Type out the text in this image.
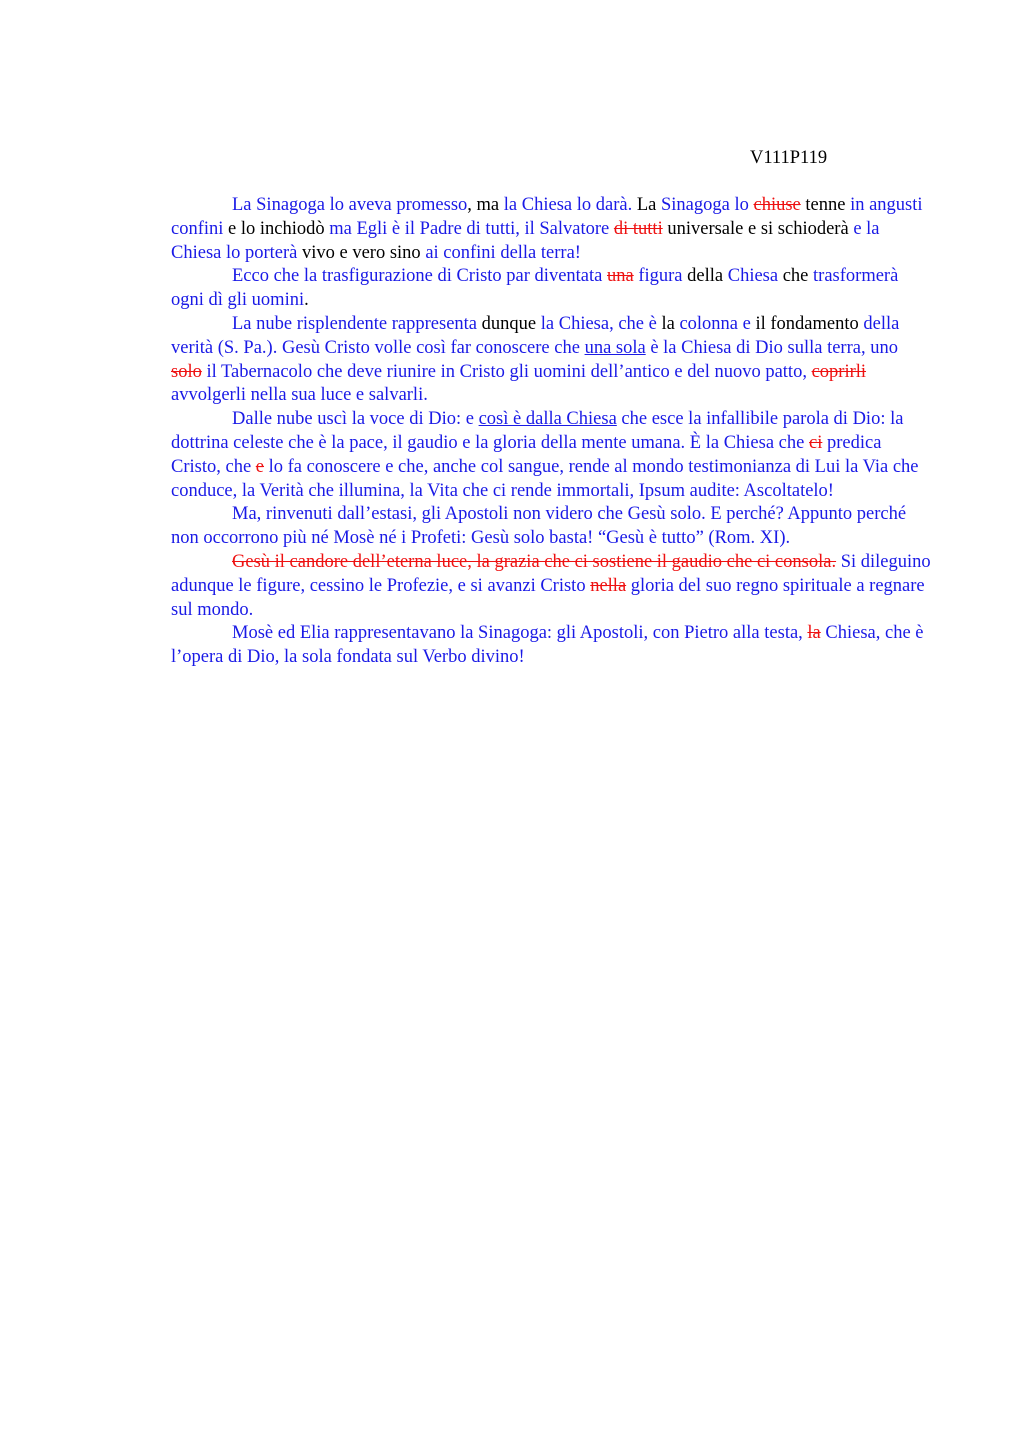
V111P119

La Sinagoga lo aveva promesso, ma la Chiesa lo darà. La Sinagoga lo chiuse tenne in angusti confini e lo inchiodò ma Egli è il Padre di tutti, il Salvatore di tutti universale e si schioderà e la Chiesa lo porterà vivo e vero sino ai confini della terra!

Ecco che la trasfigurazione di Cristo par diventata una figura della Chiesa che trasformerà ogni dì gli uomini.

La nube risplendente rappresenta dunque la Chiesa, che è la colonna e il fondamento della verità (S. Pa.). Gesù Cristo volle così far conoscere che una sola è la Chiesa di Dio sulla terra, uno solo il Tabernacolo che deve riunire in Cristo gli uomini dell’antico e del nuovo patto, coprirli avvolgerli nella sua luce e salvarli.

Dalle nube uscì la voce di Dio: e così è dalla Chiesa che esce la infallibile parola di Dio: la dottrina celeste che è la pace, il gaudio e la gloria della mente umana. È la Chiesa che ci predica Cristo, che e lo fa conoscere e che, anche col sangue, rende al mondo testimonianza di Lui la Via che conduce, la Verità che illumina, la Vita che ci rende immortali, Ipsum audite: Ascoltatelo!

Ma, rinvenuti dall’estasi, gli Apostoli non videro che Gesù solo. E perché? Appunto perché non occorrono più né Mosè né i Profeti: Gesù solo basta! “Gesù è tutto” (Rom. XI).

Gesù il candore dell’eterna luce, la grazia che ci sostiene il gaudio che ci consola. Si dileguino adunque le figure, cessino le Profezie, e si avanzi Cristo nella gloria del suo regno spirituale a regnare sul mondo.

Mosè ed Elia rappresentavano la Sinagoga: gli Apostoli, con Pietro alla testa, la Chiesa, che è l’opera di Dio, la sola fondata sul Verbo divino!
